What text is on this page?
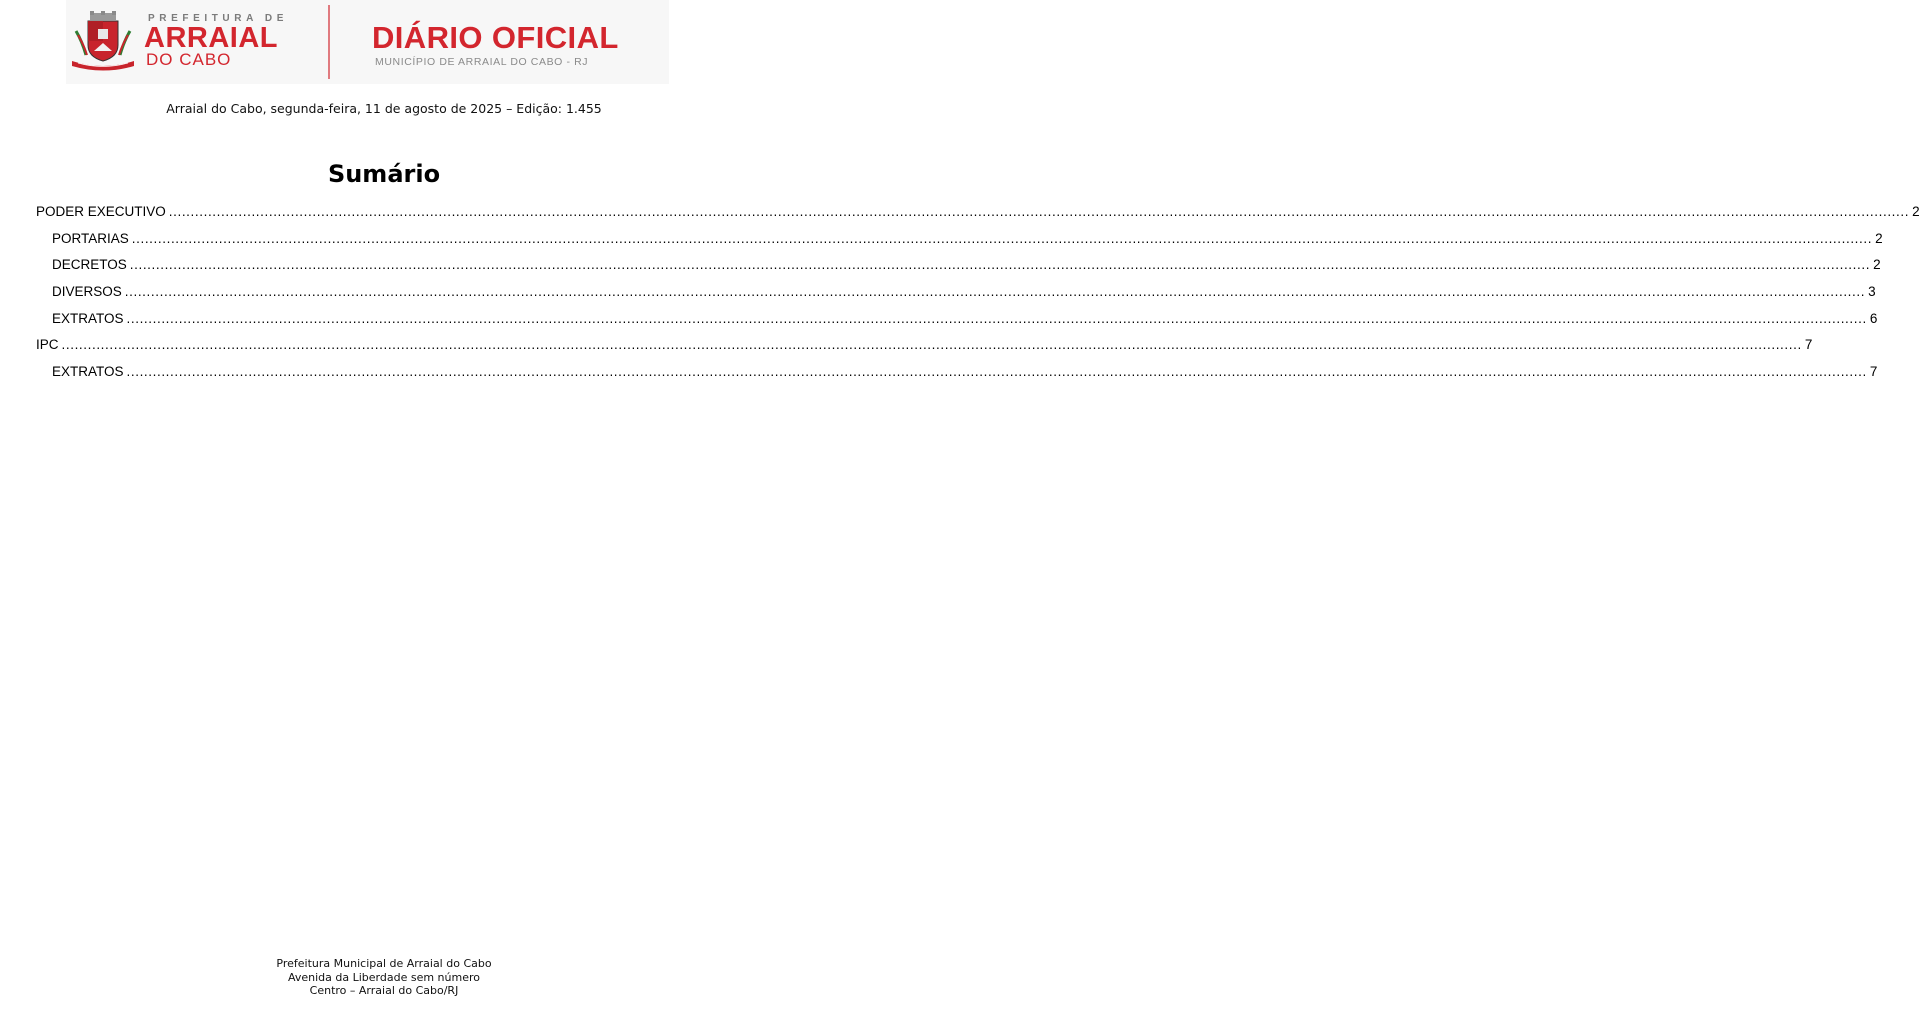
PREFEITURA DE
ARRAIAL
DO CABO
DIÁRIO OFICIAL
MUNICÍPIO DE ARRAIAL DO CABO - RJ
Arraial do Cabo, segunda-feira, 11 de agosto de 2025 – Edição: 1.455
Sumário
PODER EXECUTIVO ................................................................................................................................................................................................................................................................................................................................................................................................................ 2
PORTARIAS ................................................................................................................................................................................................................................................................................................................................................................................................................ 2
DECRETOS ................................................................................................................................................................................................................................................................................................................................................................................................................ 2
DIVERSOS ................................................................................................................................................................................................................................................................................................................................................................................................................ 3
EXTRATOS ................................................................................................................................................................................................................................................................................................................................................................................................................ 6
IPC ................................................................................................................................................................................................................................................................................................................................................................................................................ 7
EXTRATOS ................................................................................................................................................................................................................................................................................................................................................................................................................ 7
Prefeitura Municipal de Arraial do Cabo
Avenida da Liberdade sem número
Centro – Arraial do Cabo/RJ
